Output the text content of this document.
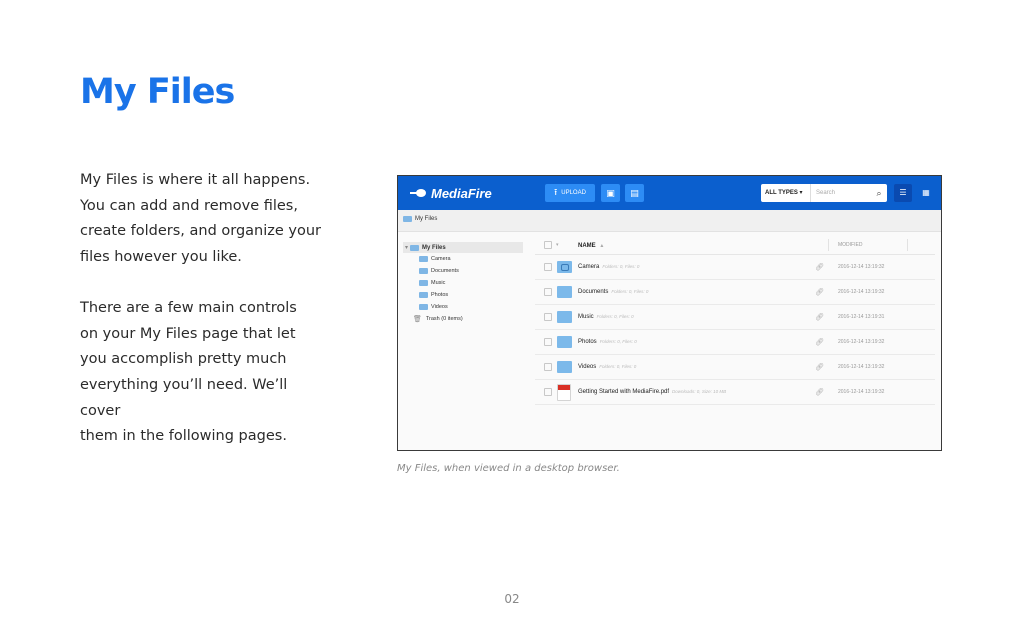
My Files

My Files is where it all happens.
You can add and remove files,
create folders, and organize your
files however you like.

There are a few main controls
on your My Files page that let
you accomplish pretty much
everything you’ll need. We’ll cover
them in the following pages.

MediaFire	⭱ UPLOAD ▣ ▤	ALL TYPES ▾	Search	⌕	☰	▦
My Files
▾ My Files
Camera
Documents
Music
Photos
Videos
🗑 Trash (0 items)
▾	NAME ▴	MODIFIED
Camera Folders: 0, Files: 0	🔗︎	2016-12-14 13:19:32
Documents Folders: 0, Files: 0	🔗︎	2016-12-14 13:19:32
Music Folders: 0, Files: 0	🔗︎	2016-12-14 13:19:31
Photos Folders: 0, Files: 0	🔗︎	2016-12-14 13:19:32
Videos Folders: 0, Files: 0	🔗︎	2016-12-14 13:19:32
Getting Started with MediaFire.pdf Downloads: 0, Size: 10 MB	🔗︎	2016-12-14 13:19:32
My Files, when viewed in a desktop browser.
02
